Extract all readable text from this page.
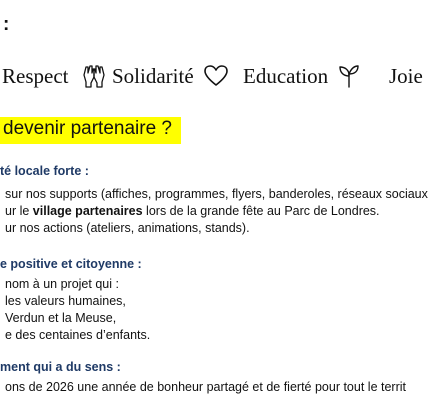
:
Respect Solidarité Education	Joie
devenir partenaire ?
té locale forte :
sur nos supports (affiches, programmes, flyers, banderoles, réseaux sociaux
ur le village partenaires lors de la grande fête au Parc de Londres.
ur nos actions (ateliers, animations, stands).
e positive et citoyenne :
nom à un projet qui :
les valeurs humaines,
Verdun et la Meuse,
e des centaines d’enfants.
ment qui a du sens :
ons de 2026 une année de bonheur partagé et de fierté pour tout le territ
